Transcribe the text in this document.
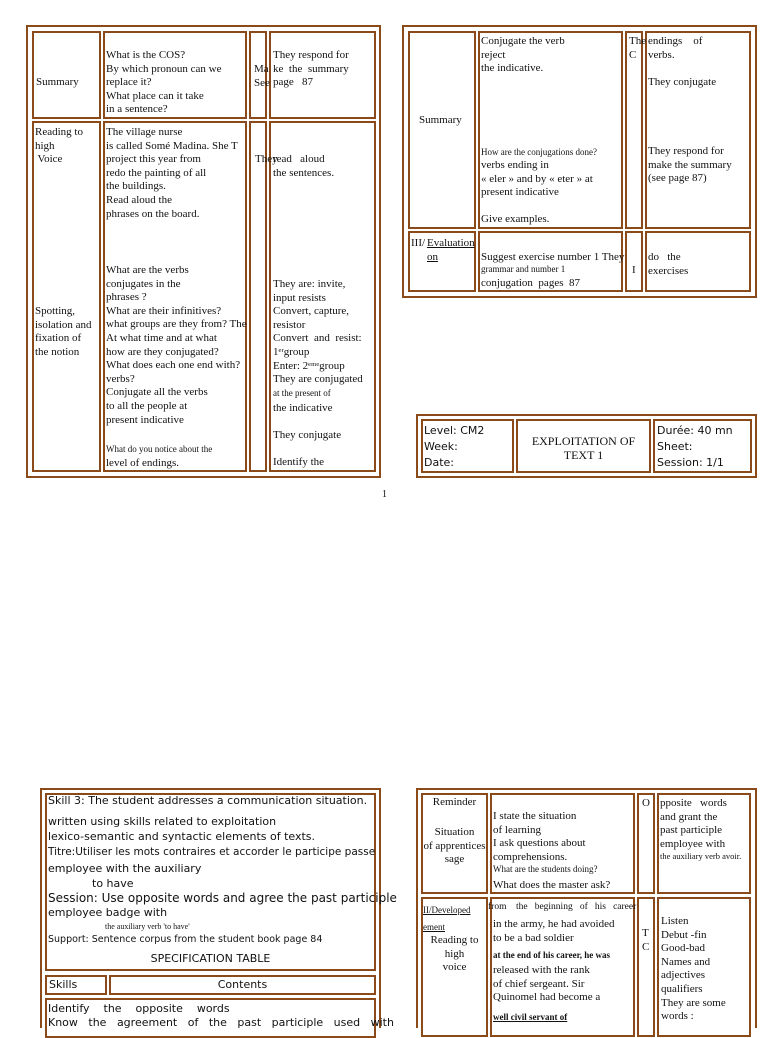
Summary
What is the COS?
By which pronoun can we
replace it?
What place can it take
in a sentence?
Ma
See
They respond for
ke  the  summary
page   87
Reading to
high
Voice
Spotting,
isolation and
fixation of
the notion
The village nurse
is called Somé Madina. She T
project this year from
redo the painting of all
the buildings.
Read aloud the
phrases on the board.
What are the verbs
conjugates in the
phrases ?
What are their infinitives?
what groups are they from? The
At what time and at what
how are they conjugated?
What does each one end with?
verbs?
Conjugate all the verbs
to all the people at
present indicative
What do you notice about the
level of endings.
They
read   aloud
the sentences.
They are: invite,
input resists
Convert, capture,
resistor
Convert  and  resist:
1ᵉʳgroup
Enter: 2ᵉᵐᵉgroup
They are conjugated
at the present of
the indicative

They conjugate

Identify the
Summary
Conjugate the verb
reject
the indicative.
How are the conjugations done?
verbs ending in
« eler » and by « eter » at
present indicative

Give examples.
The
C
endings    of
verbs.

They conjugate
They respond for
make the summary
(see page 87)
III/ Evaluation
on	Suggest exercise number 1 They
grammar and number 1
conjugation  pages  87
I
do   the
exercises
Level: CM2
Week:
Date:
EXPLOITATION OF
TEXT 1
Durée: 40 mn
Sheet:
Session: 1/1
1
Skill 3: The student addresses a communication situation.
written using skills related to exploitation
lexico-semantic and syntactic elements of texts.
Titre:Utiliser les mots contraires et accorder le participe passe
employee with the auxiliary
to have
Session: Use opposite words and agree the past participle
employee badge with
the auxiliary verb 'to have'
Support: Sentence corpus from the student book page 84
SPECIFICATION TABLE
Skills	Contents
Identify    the    opposite    words
Know   the   agreement   of   the   past   participle   used   with
Reminder
Situation
of apprentices
sage
I state the situation
of learning
I ask questions about
comprehensions.
What are the students doing?
What does the master ask?
O pposite   words
and grant the
past participle
employee with
the auxiliary verb avoir.
II/Developed
ement
Reading to
high
voice
from    the   beginning   of   his   career
in the army, he had avoided
to be a bad soldier
at the end of his career, he was
released with the rank
of chief sergeant. Sir
Quinomel had become a
well civil servant of
T
C
Listen
Debut -fin
Good-bad
Names and
adjectives
qualifiers
They are some
words :
